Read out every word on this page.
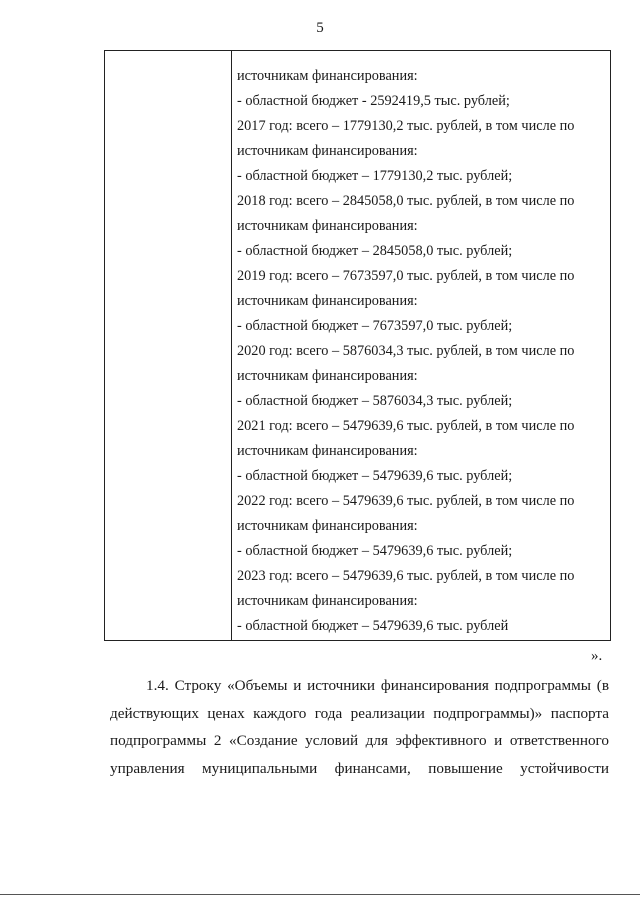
5
источникам финансирования:
- областной бюджет - 2592419,5 тыс. рублей;
2017 год: всего – 1779130,2 тыс. рублей, в том числе по
источникам финансирования:
- областной бюджет – 1779130,2 тыс. рублей;
2018 год: всего – 2845058,0 тыс. рублей, в том числе по
источникам финансирования:
- областной бюджет – 2845058,0 тыс. рублей;
2019 год: всего – 7673597,0 тыс. рублей, в том числе по
источникам финансирования:
- областной бюджет – 7673597,0 тыс. рублей;
2020 год: всего – 5876034,3 тыс. рублей, в том числе по
источникам финансирования:
- областной бюджет – 5876034,3 тыс. рублей;
2021 год: всего – 5479639,6 тыс. рублей, в том числе по
источникам финансирования:
- областной бюджет – 5479639,6 тыс. рублей;
2022 год: всего – 5479639,6 тыс. рублей, в том числе по
источникам финансирования:
- областной бюджет – 5479639,6 тыс. рублей;
2023 год: всего – 5479639,6 тыс. рублей, в том числе по
источникам финансирования:
- областной бюджет – 5479639,6 тыс. рублей
».
1.4. Строку «Объемы и источники финансирования подпрограммы (в
действующих ценах каждого года реализации подпрограммы)» паспорта
подпрограммы 2 «Создание условий для эффективного и ответственного
управления муниципальными финансами, повышение устойчивости
